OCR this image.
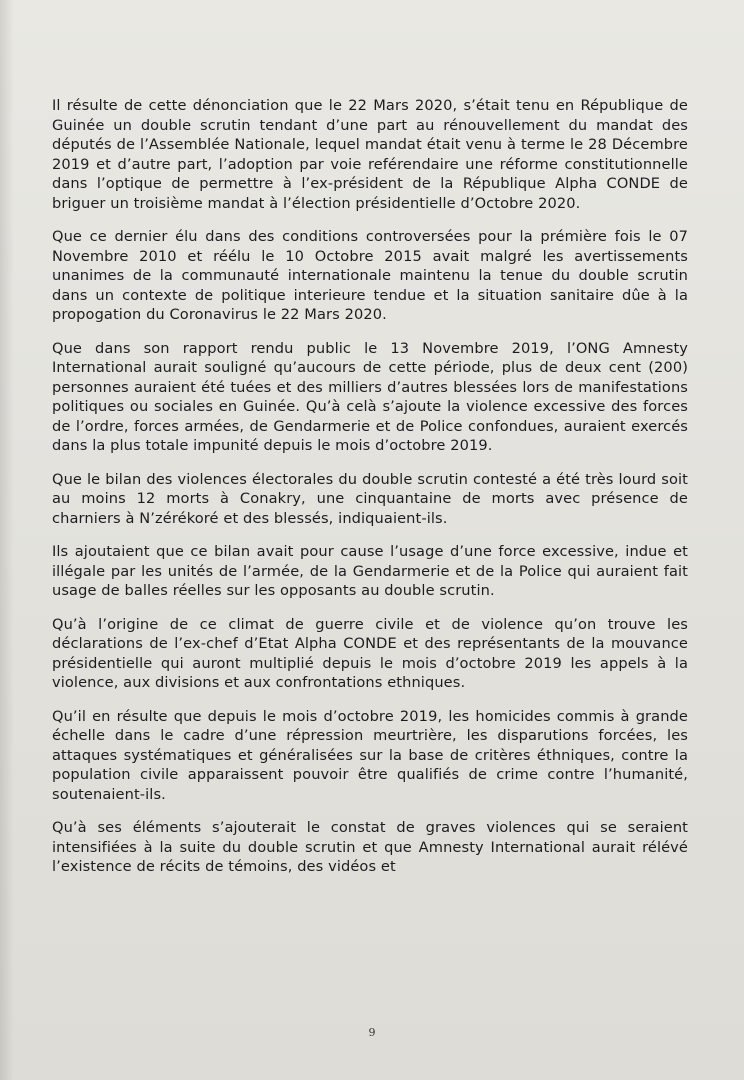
Il résulte de cette dénonciation que le 22 Mars 2020, s’était tenu en République de Guinée un double scrutin tendant d’une part au rénouvellement du mandat des députés de l’Assemblée Nationale, lequel mandat était venu à terme le 28 Décembre 2019 et d’autre part, l’adoption par voie reférendaire une réforme constitutionnelle dans l’optique de permettre à l’ex-président de la République Alpha CONDE de briguer un troisième mandat à l’élection présidentielle d’Octobre 2020.

Que ce dernier élu dans des conditions controversées pour la prémière fois le 07 Novembre 2010 et réélu le 10 Octobre 2015 avait malgré les avertissements unanimes de la communauté internationale maintenu la tenue du double scrutin dans un contexte de politique interieure tendue et la situation sanitaire dûe à la propogation du Coronavirus le 22 Mars 2020.

Que dans son rapport rendu public le 13 Novembre 2019, l’ONG Amnesty International aurait souligné qu’aucours de cette période, plus de deux cent (200) personnes auraient été tuées et des milliers d’autres blessées lors de manifestations politiques ou sociales en Guinée. Qu’à celà s’ajoute la violence excessive des forces de l’ordre, forces armées, de Gendarmerie et de Police confondues, auraient exercés dans la plus totale impunité depuis le mois d’octobre 2019.

Que le bilan des violences électorales du double scrutin contesté a été très lourd soit au moins 12 morts à Conakry, une cinquantaine de morts avec présence de charniers à N’zérékoré et des blessés, indiquaient-ils.

Ils ajoutaient que ce bilan avait pour cause l’usage d’une force excessive, indue et illégale par les unités de l’armée, de la Gendarmerie et de la Police qui auraient fait usage de balles réelles sur les opposants au double scrutin.

Qu’à l’origine de ce climat de guerre civile et de violence qu’on trouve les déclarations de l’ex-chef d’Etat Alpha CONDE et des représentants de la mouvance présidentielle qui auront multiplié depuis le mois d’octobre 2019 les appels à la violence, aux divisions et aux confrontations ethniques.

Qu’il en résulte que depuis le mois d’octobre 2019, les homicides commis à grande échelle dans le cadre d’une répression meurtrière, les disparutions forcées, les attaques systématiques et généralisées sur la base de critères éthniques, contre la population civile apparaissent pouvoir être qualifiés de crime contre l’humanité, soutenaient-ils.

Qu’à ses éléments s’ajouterait le constat de graves violences qui se seraient intensifiées à la suite du double scrutin et que Amnesty International aurait rélévé l’existence de récits de témoins, des vidéos et

9
